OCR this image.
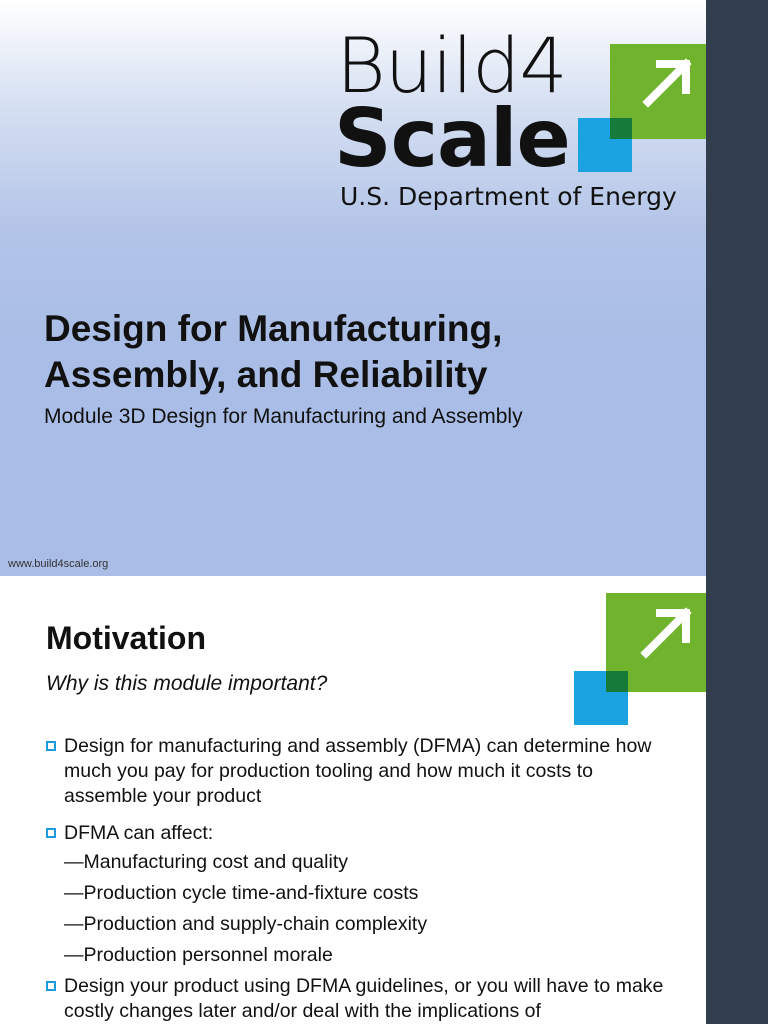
Build4
Scale
U.S. Department of Energy
Design for Manufacturing, Assembly, and Reliability
Module 3D Design for Manufacturing and Assembly
www.build4scale.org
Motivation
Why is this module important?
Design for manufacturing and assembly (DFMA) can determine how much you pay for production tooling and how much it costs to assemble your product
DFMA can affect:
—Manufacturing cost and quality
—Production cycle time-and-fixture costs
—Production and supply-chain complexity
—Production personnel morale
Design your product using DFMA guidelines, or you will have to make costly changes later and/or deal with the implications of
